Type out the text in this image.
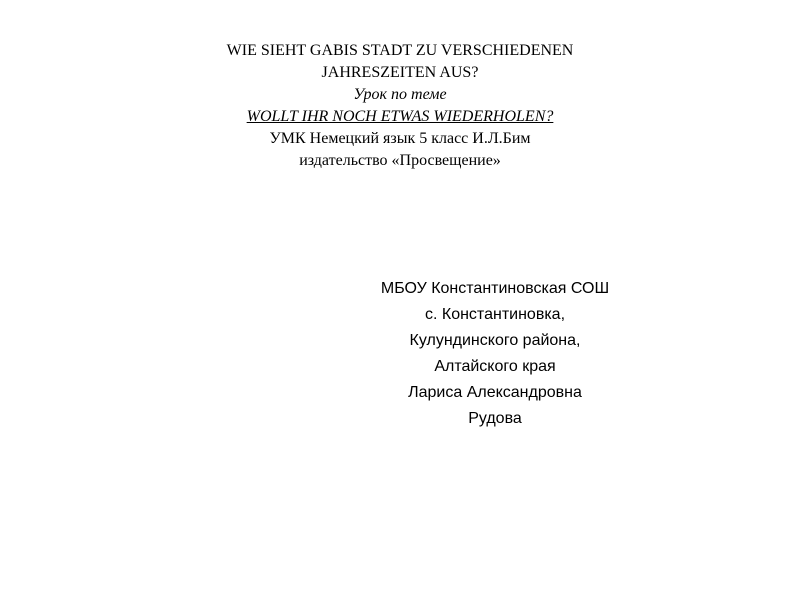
WIE SIEHT GABIS STADT ZU VERSCHIEDENEN
JAHRESZEITEN AUS?
Урок по теме
WOLLT IHR NOCH ETWAS WIEDERHOLEN?
УМК Немецкий язык 5 класс И.Л.Бим
издательство «Просвещение»
МБОУ Константиновская СОШ
с. Константиновка,
Кулундинского района,
Алтайского края
Лариса Александровна
Рудова
